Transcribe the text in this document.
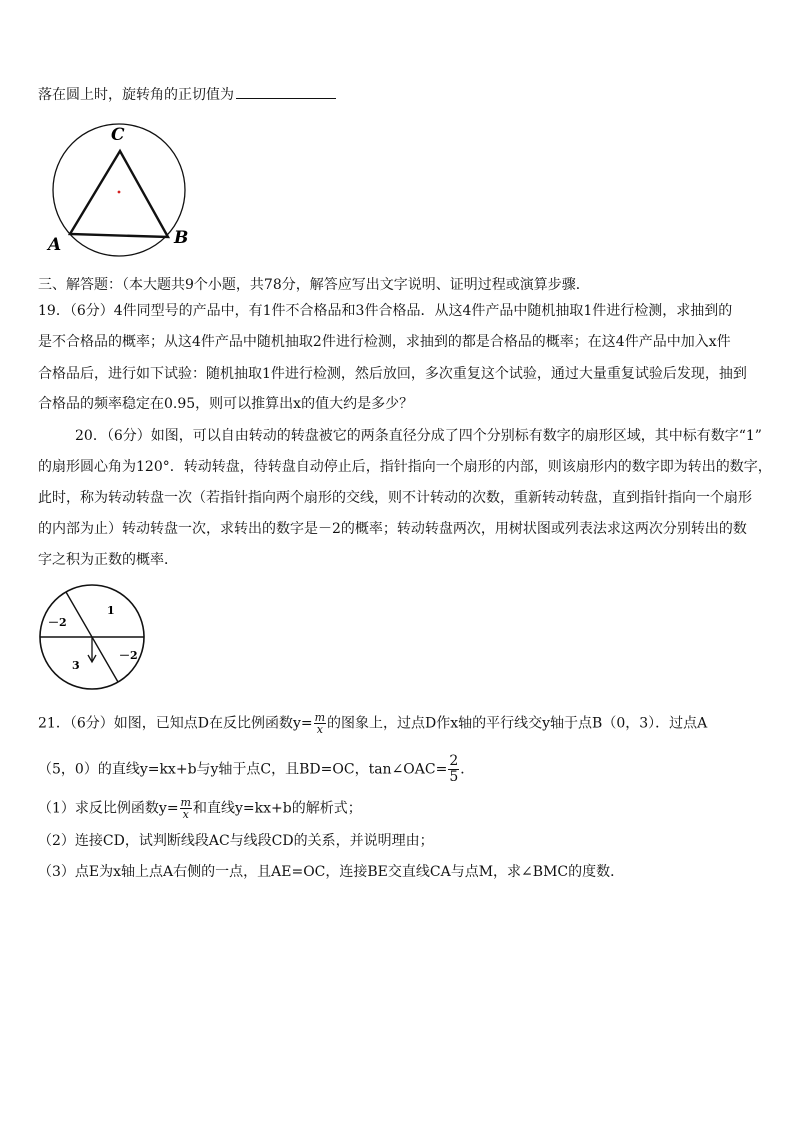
落在圆上时，旋转角的正切值为
C
A	B
三、解答题：（本大题共9个小题，共78分，解答应写出文字说明、证明过程或演算步骤．
19．（6分）4件同型号的产品中，有1件不合格品和3件合格品．从这4件产品中随机抽取1件进行检测，求抽到的
是不合格品的概率；从这4件产品中随机抽取2件进行检测，求抽到的都是合格品的概率；在这4件产品中加入x件
合格品后，进行如下试验：随机抽取1件进行检测，然后放回，多次重复这个试验，通过大量重复试验后发现，抽到
合格品的频率稳定在0.95，则可以推算出x的值大约是多少？
20．（6分）如图，可以自由转动的转盘被它的两条直径分成了四个分别标有数字的扇形区域，其中标有数字“1”
的扇形圆心角为120°．转动转盘，待转盘自动停止后，指针指向一个扇形的内部，则该扇形内的数字即为转出的数字，
此时，称为转动转盘一次（若指针指向两个扇形的交线，则不计转动的次数，重新转动转盘，直到指针指向一个扇形
的内部为止）转动转盘一次，求转出的数字是－2的概率；转动转盘两次，用树状图或列表法求这两次分别转出的数
字之积为正数的概率．
1
－2
3
－2
21．（6分）如图，已知点D在反比例函数$y= \frac{m}{x}$ 的图象上，过点D作x轴的平行线交y轴于点B（0，3）．过点A
（5，0）的直线y=kx+b与y轴于点C，且BD=OC，tan∠OAC= $\frac{2}{5}$ ．
（1）求反比例函数$y= \frac{m}{x}$ 和直线y=kx+b的解析式；
（2）连接CD，试判断线段AC与线段CD的关系，并说明理由；
（3）点E为x轴上点A右侧的一点，且AE=OC，连接BE交直线CA与点M，求∠BMC的度数．
